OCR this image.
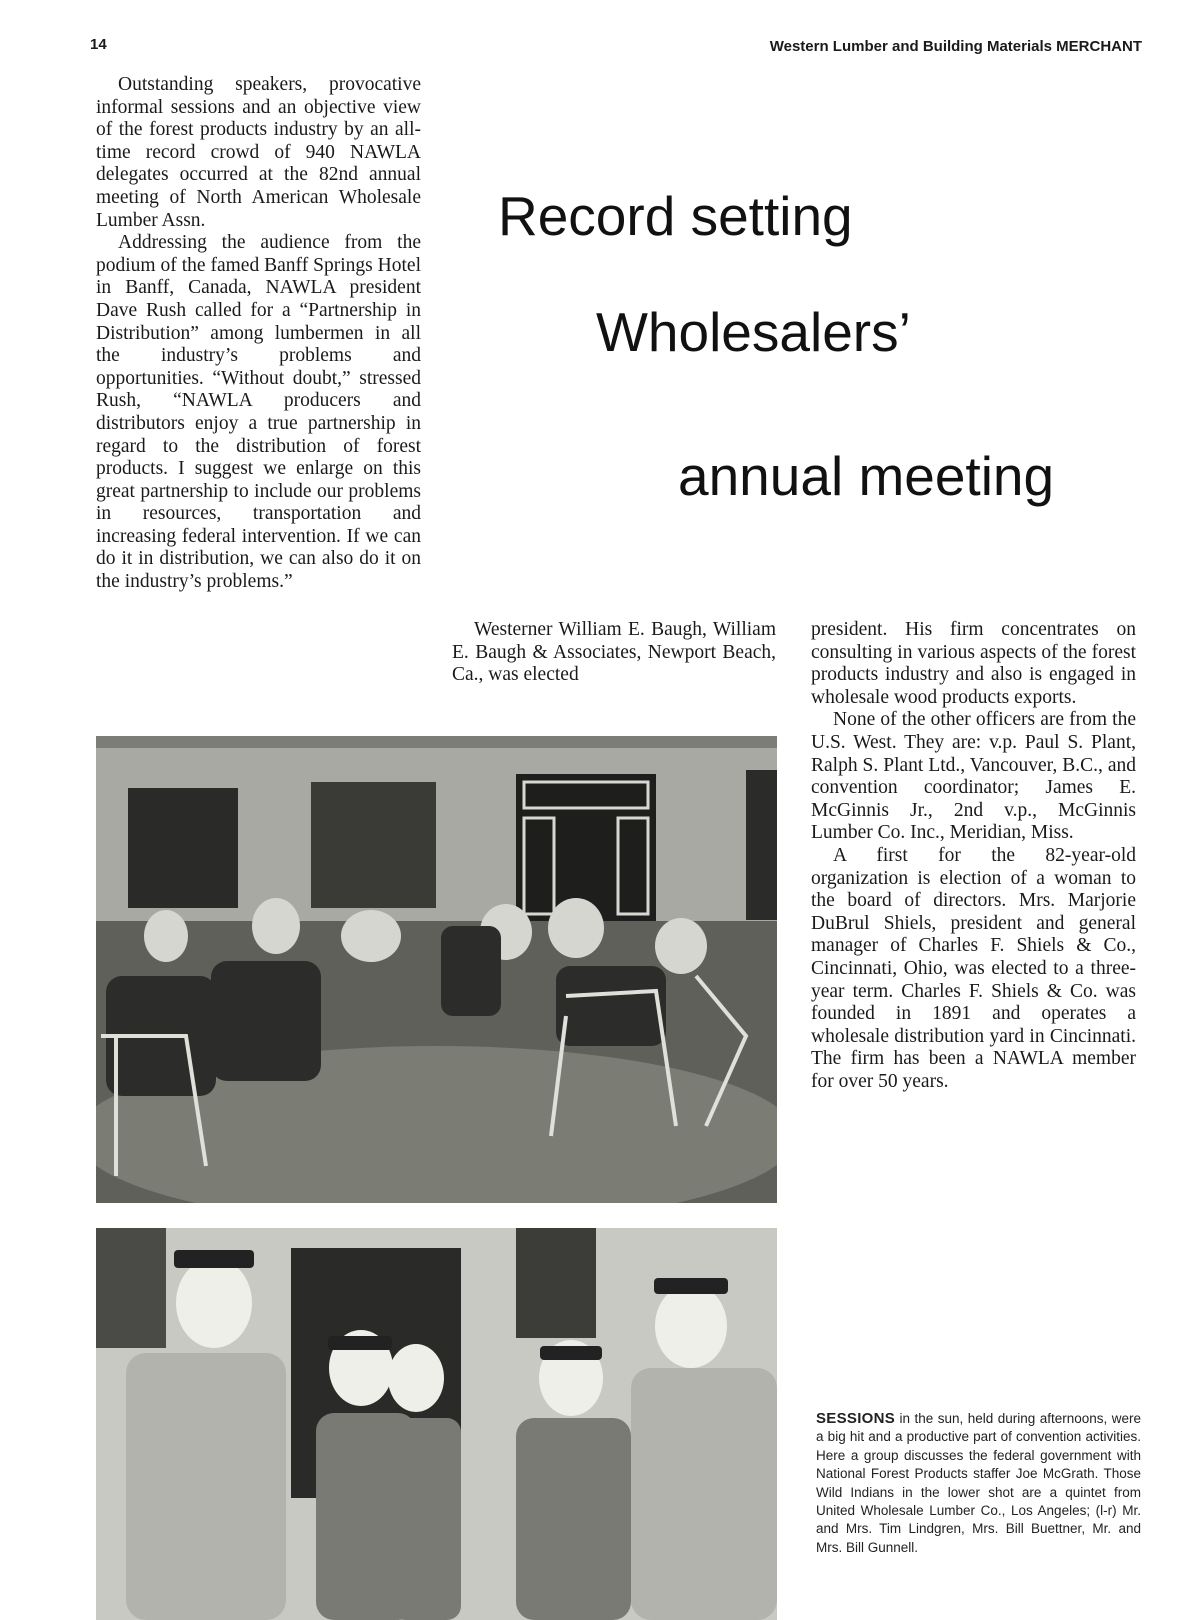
14	Western Lumber and Building Materials MERCHANT

Outstanding speakers, provocative informal sessions and an objective view of the forest products industry by an all-time record crowd of 940 NAWLA delegates occurred at the 82nd annual meeting of North American Wholesale Lumber Assn.

Addressing the audience from the podium of the famed Banff Springs Hotel in Banff, Canada, NAWLA president Dave Rush called for a “Partnership in Distribution” among lumbermen in all the industry’s problems and opportunities. “Without doubt,” stressed Rush, “NAWLA producers and distributors enjoy a true partnership in regard to the distribution of forest products. I suggest we enlarge on this great partnership to include our problems in resources, transportation and increasing federal intervention. If we can do it in distribution, we can also do it on the industry’s problems.”

Record setting
Wholesalers’
annual meeting
Westerner William E. Baugh, William E. Baugh & Associates, Newport Beach, Ca., was elected

president. His firm concentrates on consulting in various aspects of the forest products industry and also is engaged in wholesale wood products exports.

None of the other officers are from the U.S. West. They are: v.p. Paul S. Plant, Ralph S. Plant Ltd., Vancouver, B.C., and convention coordinator; James E. McGinnis Jr., 2nd v.p., McGinnis Lumber Co. Inc., Meridian, Miss.

A first for the 82-year-old organization is election of a woman to the board of directors. Mrs. Marjorie DuBrul Shiels, president and general manager of Charles F. Shiels & Co., Cincinnati, Ohio, was elected to a three-year term. Charles F. Shiels & Co. was founded in 1891 and operates a wholesale distribution yard in Cincinnati. The firm has been a NAWLA member for over 50 years.

SESSIONS in the sun, held during afternoons, were a big hit and a productive part of convention activities. Here a group discusses the federal government with National Forest Products staffer Joe McGrath. Those Wild Indians in the lower shot are a quintet from United Wholesale Lumber Co., Los Angeles; (l-r) Mr. and Mrs. Tim Lindgren, Mrs. Bill Buettner, Mr. and Mrs. Bill Gunnell.
